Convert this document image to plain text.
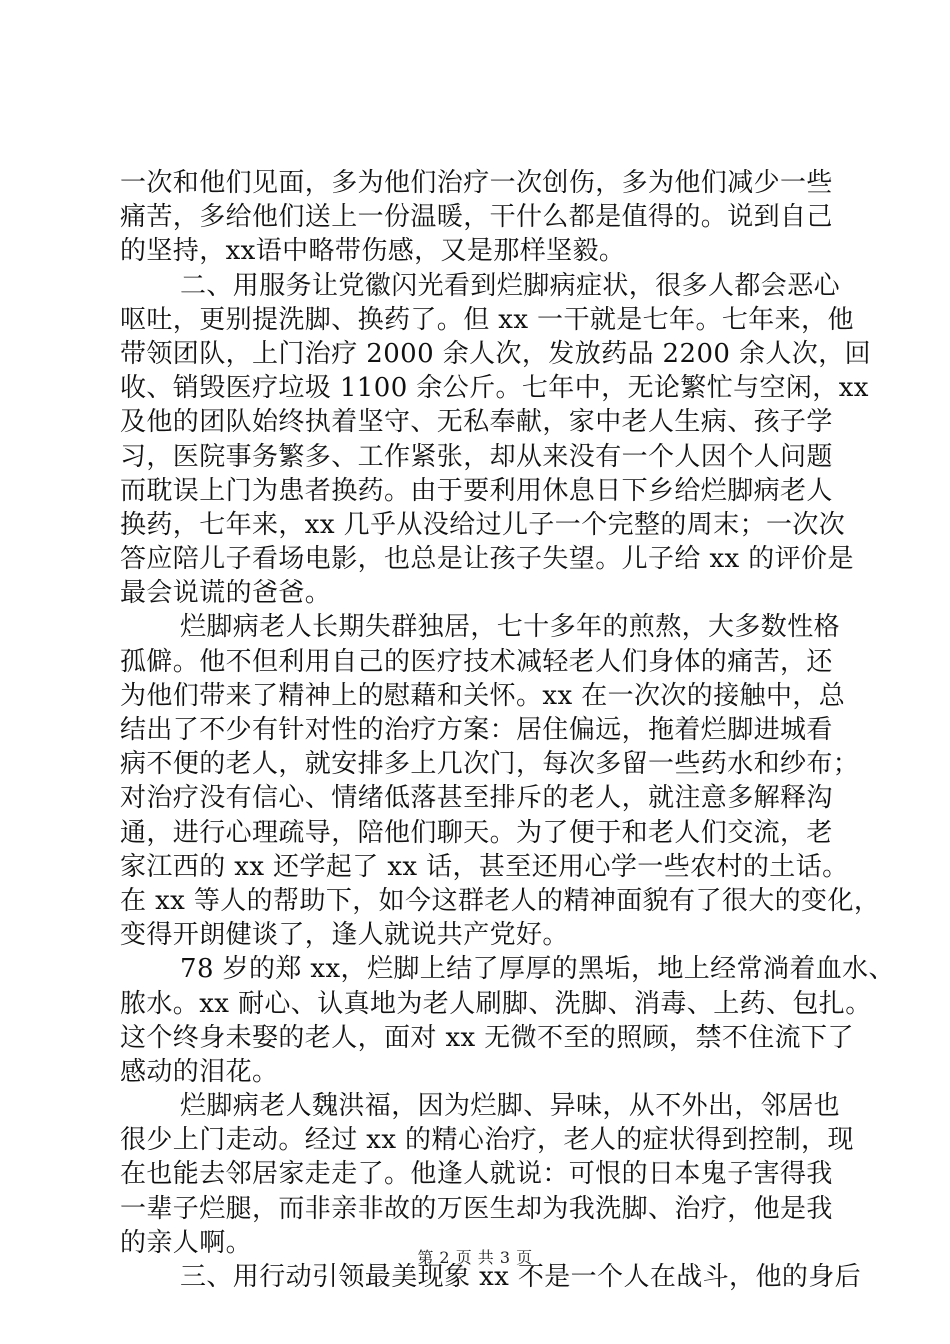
一次和他们见面，多为他们治疗一次创伤，多为他们减少一些
痛苦，多给他们送上一份温暖，干什么都是值得的。说到自己
的坚持，xx语中略带伤感，又是那样坚毅。
二、用服务让党徽闪光看到烂脚病症状，很多人都会恶心
呕吐，更别提洗脚、换药了。但 xx 一干就是七年。七年来，他
带领团队，上门治疗 2000 余人次，发放药品 2200 余人次，回
收、销毁医疗垃圾 1100 余公斤。七年中，无论繁忙与空闲，xx
及他的团队始终执着坚守、无私奉献，家中老人生病、孩子学
习，医院事务繁多、工作紧张，却从来没有一个人因个人问题
而耽误上门为患者换药。由于要利用休息日下乡给烂脚病老人
换药，七年来，xx 几乎从没给过儿子一个完整的周末；一次次
答应陪儿子看场电影，也总是让孩子失望。儿子给 xx 的评价是
最会说谎的爸爸。
烂脚病老人长期失群独居，七十多年的煎熬，大多数性格
孤僻。他不但利用自己的医疗技术减轻老人们身体的痛苦，还
为他们带来了精神上的慰藉和关怀。xx 在一次次的接触中，总
结出了不少有针对性的治疗方案：居住偏远，拖着烂脚进城看
病不便的老人，就安排多上几次门，每次多留一些药水和纱布；
对治疗没有信心、情绪低落甚至排斥的老人，就注意多解释沟
通，进行心理疏导，陪他们聊天。为了便于和老人们交流，老
家江西的 xx 还学起了 xx 话，甚至还用心学一些农村的土话。
在 xx 等人的帮助下，如今这群老人的精神面貌有了很大的变化，
变得开朗健谈了，逢人就说共产党好。
78 岁的郑 xx，烂脚上结了厚厚的黑垢，地上经常淌着血水、
脓水。xx 耐心、认真地为老人刷脚、洗脚、消毒、上药、包扎。
这个终身未娶的老人，面对 xx 无微不至的照顾，禁不住流下了
感动的泪花。
烂脚病老人魏洪福，因为烂脚、异味，从不外出，邻居也
很少上门走动。经过 xx 的精心治疗，老人的症状得到控制，现
在也能去邻居家走走了。他逢人就说：可恨的日本鬼子害得我
一辈子烂腿，而非亲非故的万医生却为我洗脚、治疗，他是我
的亲人啊。
三、用行动引领最美现象 xx 不是一个人在战斗，他的身后
第 2 页 共 3 页
